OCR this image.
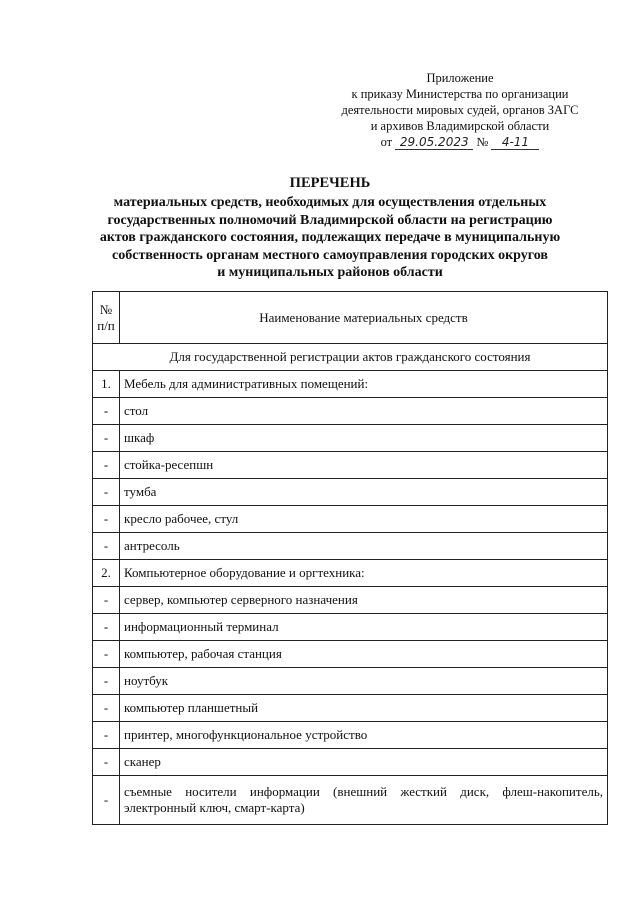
Приложение
к приказу Министерства по организации
деятельности мировых судей, органов ЗАГС
и архивов Владимирской области
от 29.05.2023 № 4-11
ПЕРЕЧЕНЬ
материальных средств, необходимых для осуществления отдельных
государственных полномочий Владимирской области на регистрацию
актов гражданского состояния, подлежащих передаче в муниципальную
собственность органам местного самоуправления городских округов
и муниципальных районов области
№
п/п	Наименование материальных средств
Для государственной регистрации актов гражданского состояния	
1.	Мебель для административных помещений:
-	стол
-	шкаф
-	стойка-ресепшн
-	тумба
-	кресло рабочее, стул
-	антресоль
2.	Компьютерное оборудование и оргтехника:
-	сервер, компьютер серверного назначения
-	информационный терминал
-	компьютер, рабочая станция
-	ноутбук
-	компьютер планшетный
-	принтер, многофункциональное устройство
-	сканер
-	съемные носители информации (внешний жесткий диск, флеш-накопитель, электронный ключ, смарт-карта)
